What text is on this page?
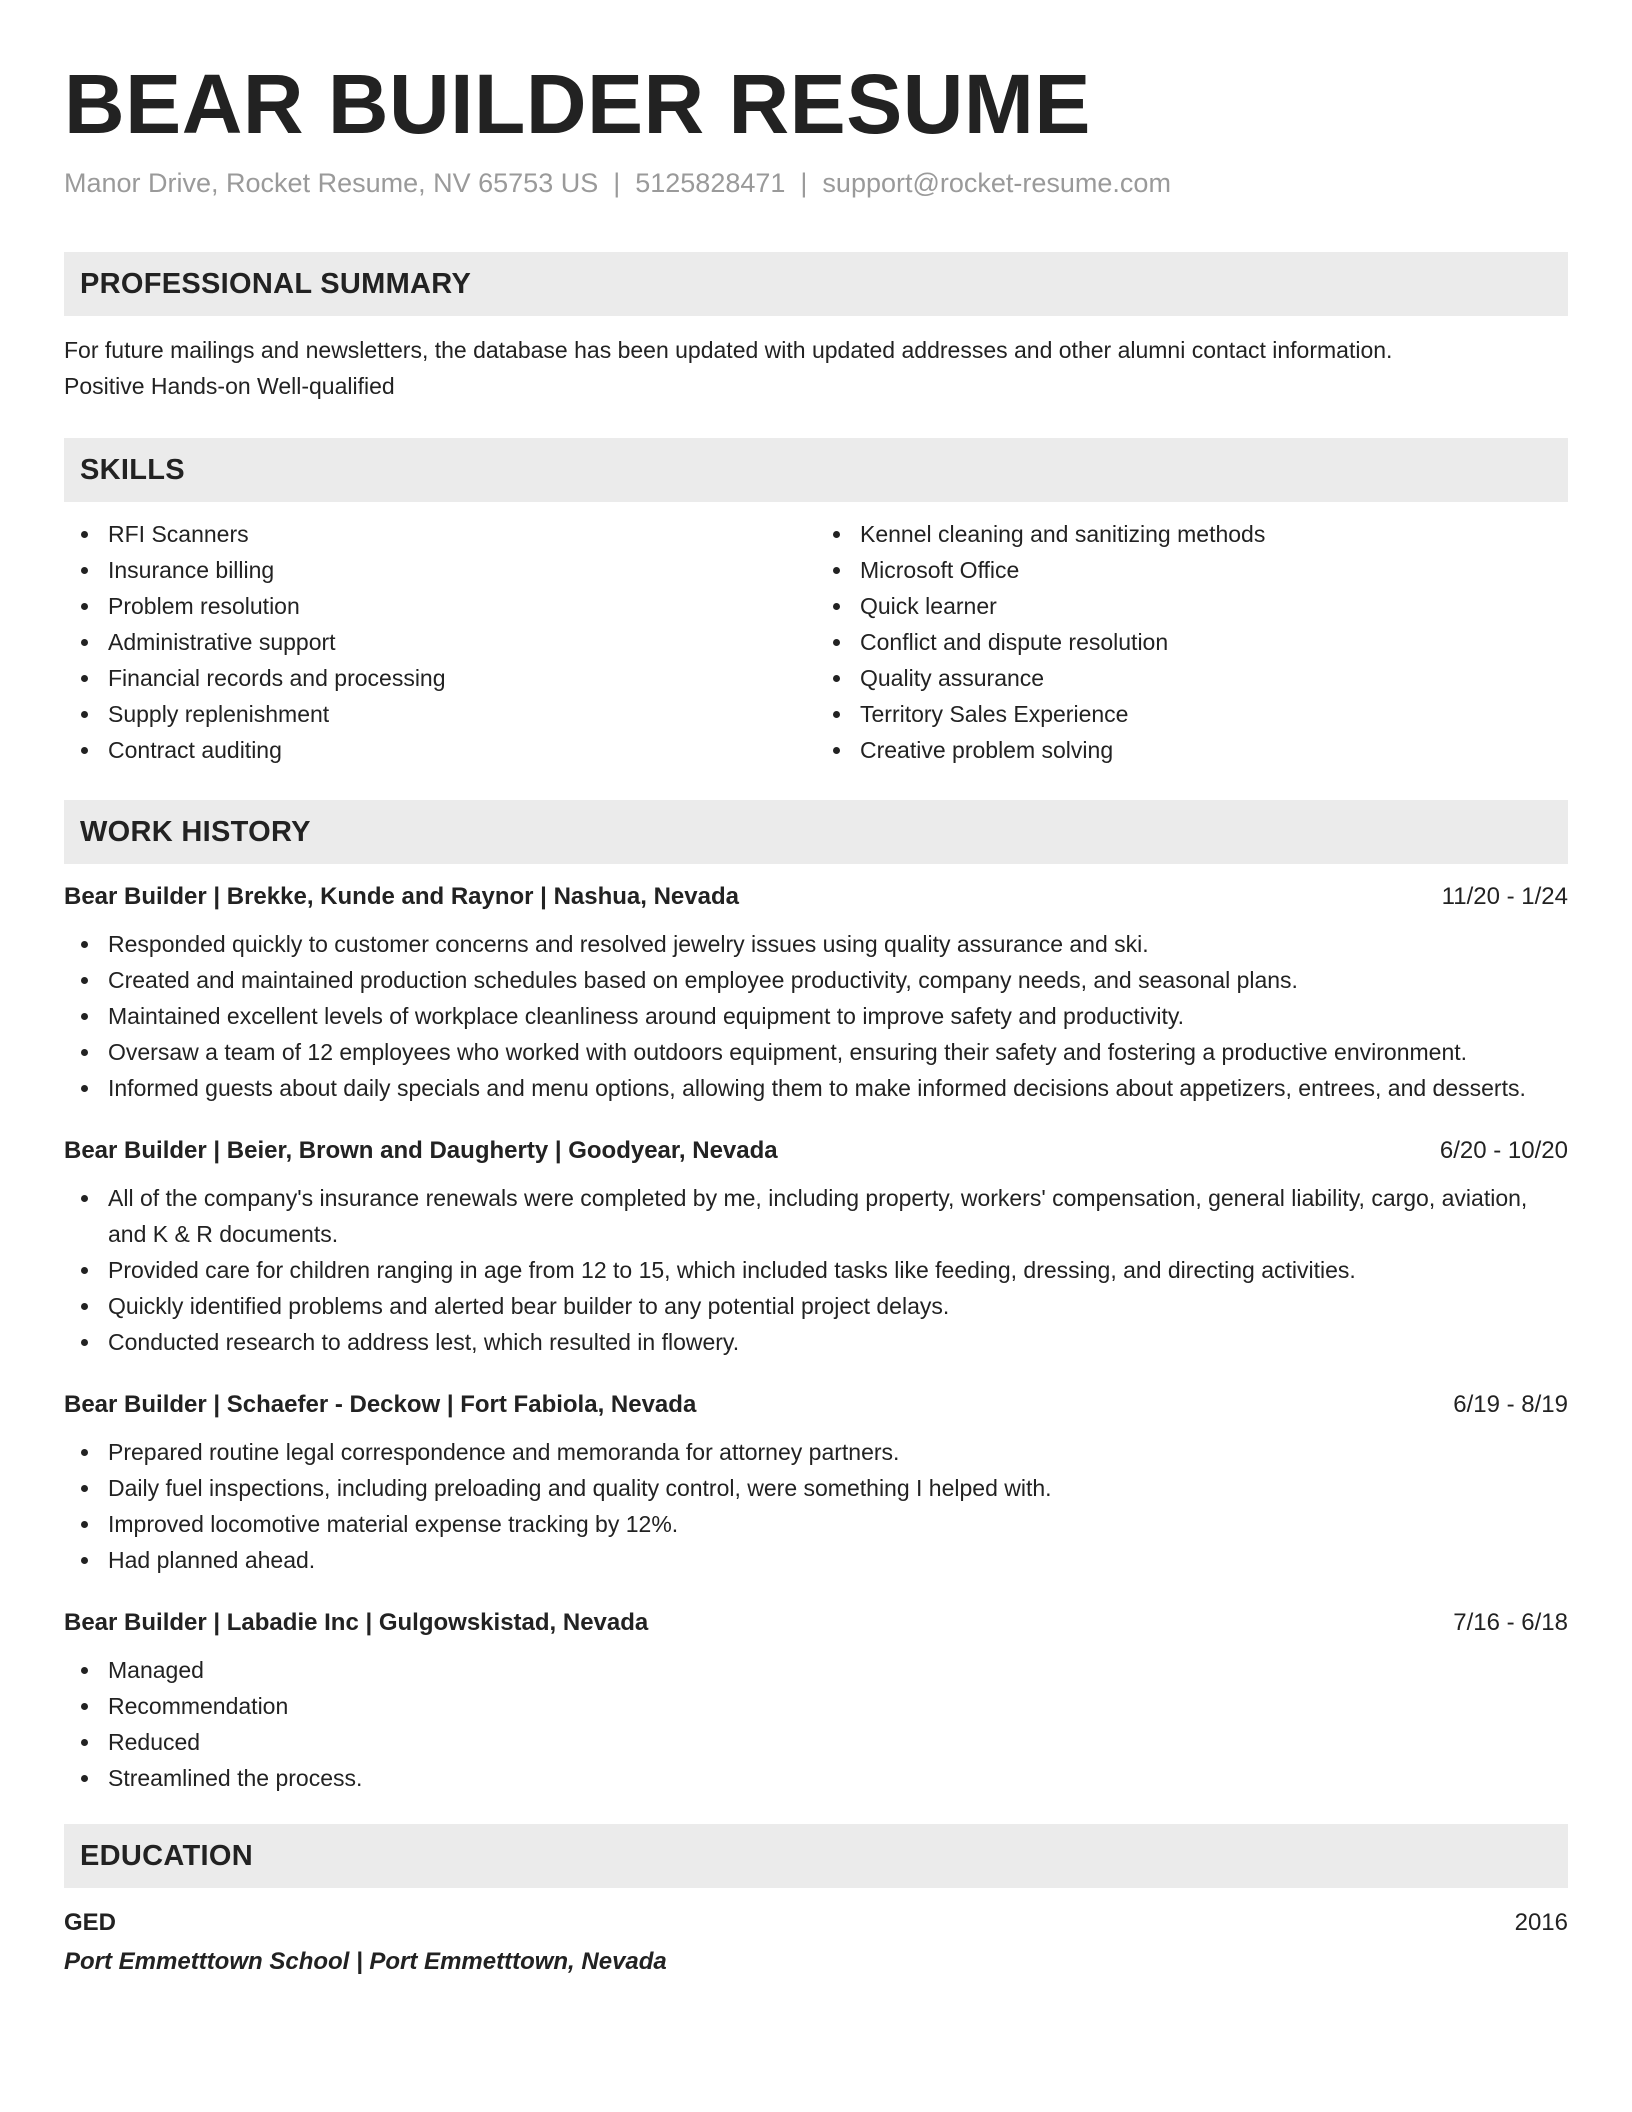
BEAR BUILDER RESUME
Manor Drive, Rocket Resume, NV 65753 US | 5125828471 | support@rocket-resume.com
PROFESSIONAL SUMMARY
For future mailings and newsletters, the database has been updated with updated addresses and other alumni contact information.
Positive Hands-on Well-qualified
SKILLS
RFI Scanners
Insurance billing
Problem resolution
Administrative support
Financial records and processing
Supply replenishment
Contract auditing
Kennel cleaning and sanitizing methods
Microsoft Office
Quick learner
Conflict and dispute resolution
Quality assurance
Territory Sales Experience
Creative problem solving
WORK HISTORY
Bear Builder | Brekke, Kunde and Raynor | Nashua, Nevada	11/20 - 1/24
Responded quickly to customer concerns and resolved jewelry issues using quality assurance and ski.
Created and maintained production schedules based on employee productivity, company needs, and seasonal plans.
Maintained excellent levels of workplace cleanliness around equipment to improve safety and productivity.
Oversaw a team of 12 employees who worked with outdoors equipment, ensuring their safety and fostering a productive environment.
Informed guests about daily specials and menu options, allowing them to make informed decisions about appetizers, entrees, and desserts.
Bear Builder | Beier, Brown and Daugherty | Goodyear, Nevada	6/20 - 10/20
All of the company's insurance renewals were completed by me, including property, workers' compensation, general liability, cargo, aviation, and K & R documents.
Provided care for children ranging in age from 12 to 15, which included tasks like feeding, dressing, and directing activities.
Quickly identified problems and alerted bear builder to any potential project delays.
Conducted research to address lest, which resulted in flowery.
Bear Builder | Schaefer - Deckow | Fort Fabiola, Nevada	6/19 - 8/19
Prepared routine legal correspondence and memoranda for attorney partners.
Daily fuel inspections, including preloading and quality control, were something I helped with.
Improved locomotive material expense tracking by 12%.
Had planned ahead.
Bear Builder | Labadie Inc | Gulgowskistad, Nevada	7/16 - 6/18
Managed
Recommendation
Reduced
Streamlined the process.
EDUCATION
GED	2016
Port Emmetttown School | Port Emmetttown, Nevada
